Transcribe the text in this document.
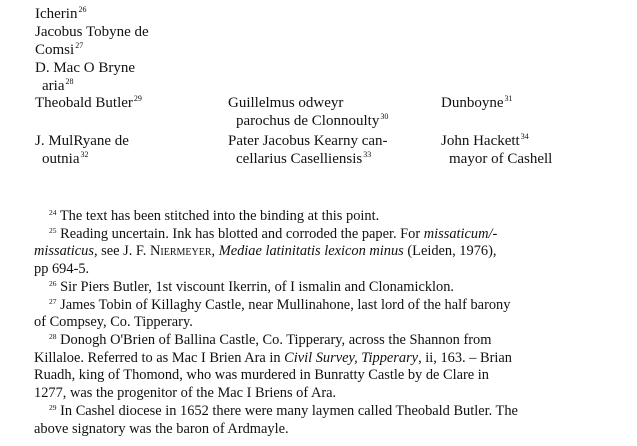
Icherin$^{26}$
Jacobus Tobyne de
Comsi$^{27}$
D. Mac O Bryne
aria$^{28}$
Theobald Butler$^{29}$
J. MulRyane de
outnia$^{32}$
Guillelmus odweyr
parochus de Clonnoulty$^{30}$
Pater Jacobus Kearny can-
cellarius Caselliensis$^{33}$
Dunboyne$^{31}$
John Hackett$^{34}$
mayor of Cashell
$^{24}$ The text has been stitched into the binding at this point.
$^{25}$ Reading uncertain. Ink has blotted and corroded the paper. For missaticum/-
missaticus, see J. F. Niermeyer, Mediae latinitatis lexicon minus (Leiden, 1976),
pp 694-5.
$^{26}$ Sir Piers Butler, 1st viscount Ikerrin, of I ismalin and Clonamicklon.
$^{27}$ James Tobin of Killaghy Castle, near Mullinahone, last lord of the half barony
of Compsey, Co. Tipperary.
$^{28}$ Donogh O'Brien of Ballina Castle, Co. Tipperary, across the Shannon from
Killaloe. Referred to as Mac I Brien Ara in Civil Survey, Tipperary, ii, 163. – Brian
Ruadh, king of Thomond, who was murdered in Bunratty Castle by de Clare in
1277, was the progenitor of the Mac I Briens of Ara.
$^{29}$ In Cashel diocese in 1652 there were many laymen called Theobald Butler. The
above signatory was the baron of Ardmayle.
